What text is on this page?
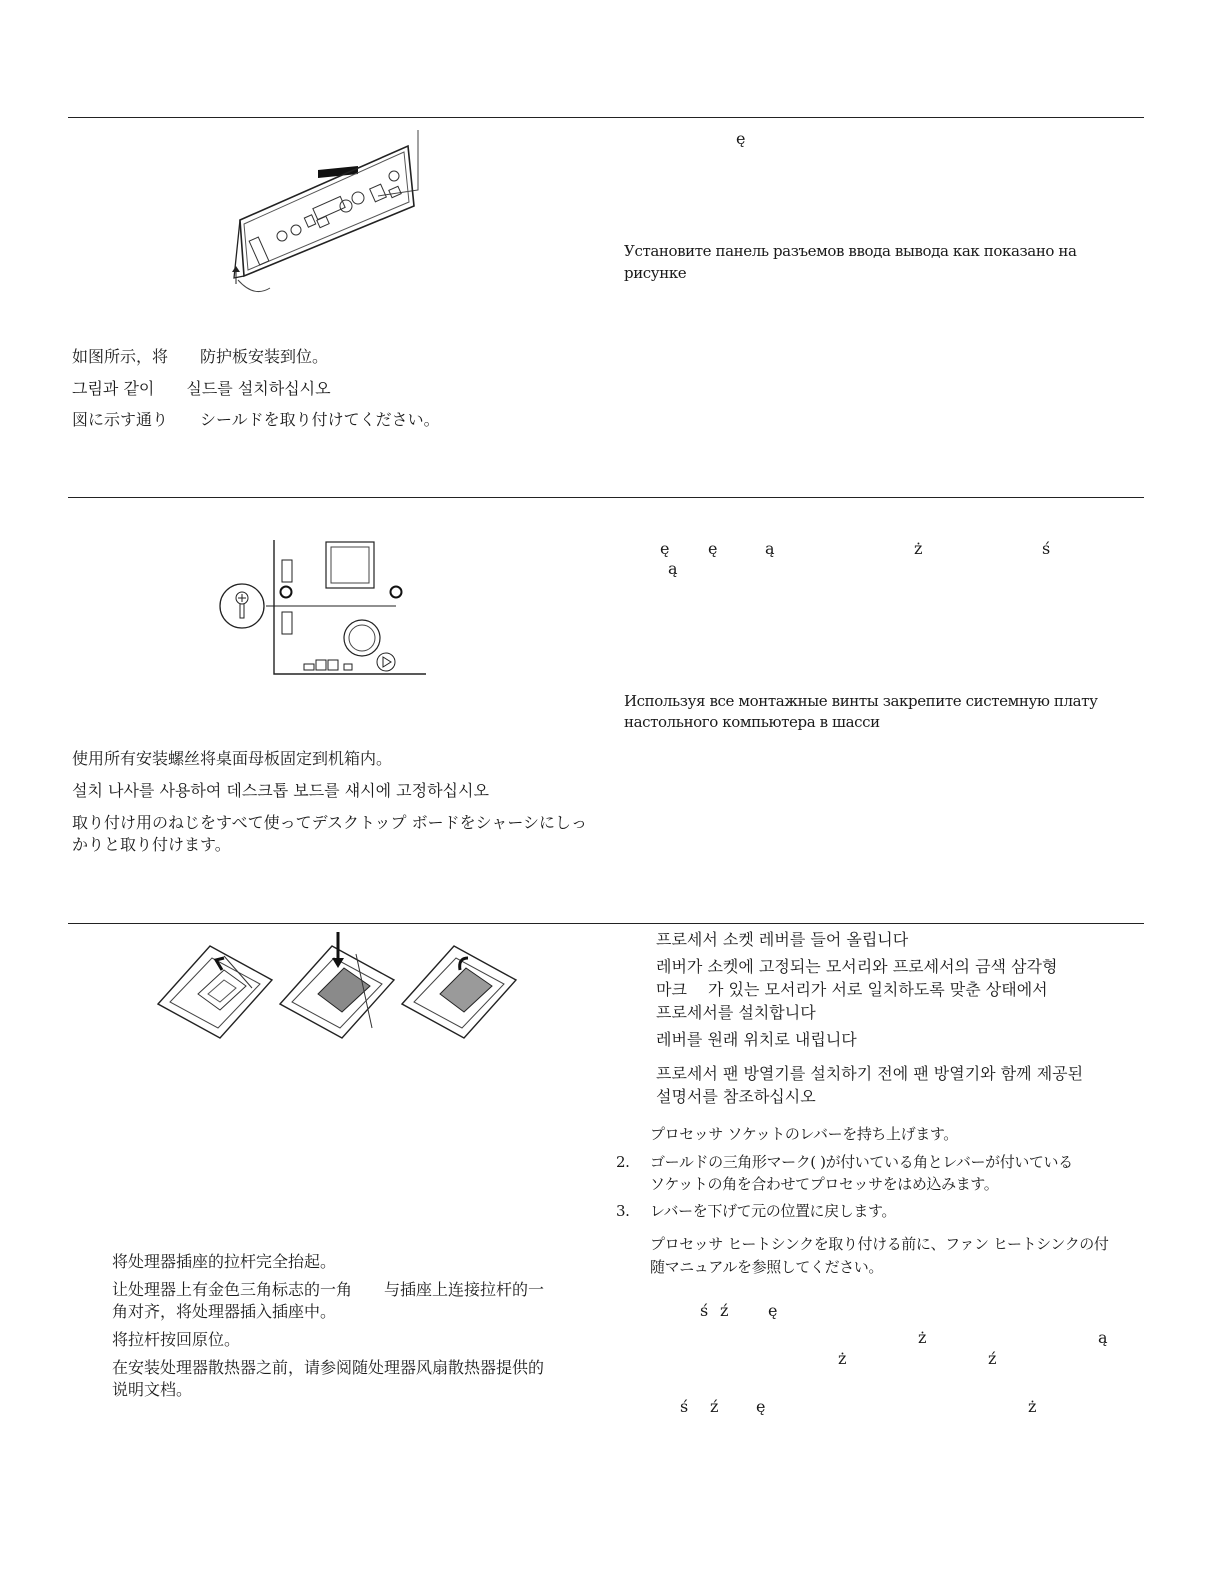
ę
Установите панель разъемов ввода вывода как показано на
рисунке
如图所示，将　　防护板安装到位。
그림과 같이　　실드를 설치하십시오
図に示す通り　　シールドを取り付けてください。
ę ę	ą	ż	ś
ą
Используя все монтажные винты закрепите системную плату
настольного компьютера в шасси
使用所有安装螺丝将桌面母板固定到机箱内。
설치 나사를 사용하여 데스크톱 보드를 섀시에 고정하십시오
取り付け用のねじをすべて使ってデスクトップ ボードをシャーシにしっ
かりと取り付けます。
프로세서 소켓 레버를 들어 올립니다
레버가 소켓에 고정되는 모서리와 프로세서의 금색 삼각형
마크　 가 있는 모서리가 서로 일치하도록 맞춘 상태에서
프로세서를 설치합니다
레버를 원래 위치로 내립니다
프로세서 팬 방열기를 설치하기 전에 팬 방열기와 함께 제공된
설명서를 참조하십시오
プロセッサ ソケットのレバーを持ち上げます。
2. ゴールドの三角形マーク( )が付いている角とレバーが付いている
ソケットの角を合わせてプロセッサをはめ込みます。
3. レバーを下げて元の位置に戻します。
プロセッサ ヒートシンクを取り付ける前に、ファン ヒートシンクの付
随マニュアルを参照してください。
将处理器插座的拉杆完全抬起。
让处理器上有金色三角标志的一角　　与插座上连接拉杆的一
角对齐，将处理器插入插座中。
将拉杆按回原位。
在安装处理器散热器之前，请参阅随处理器风扇散热器提供的
说明文档。
ś ź ę
ż	ą
ż	ź
ś ź ę	ż
